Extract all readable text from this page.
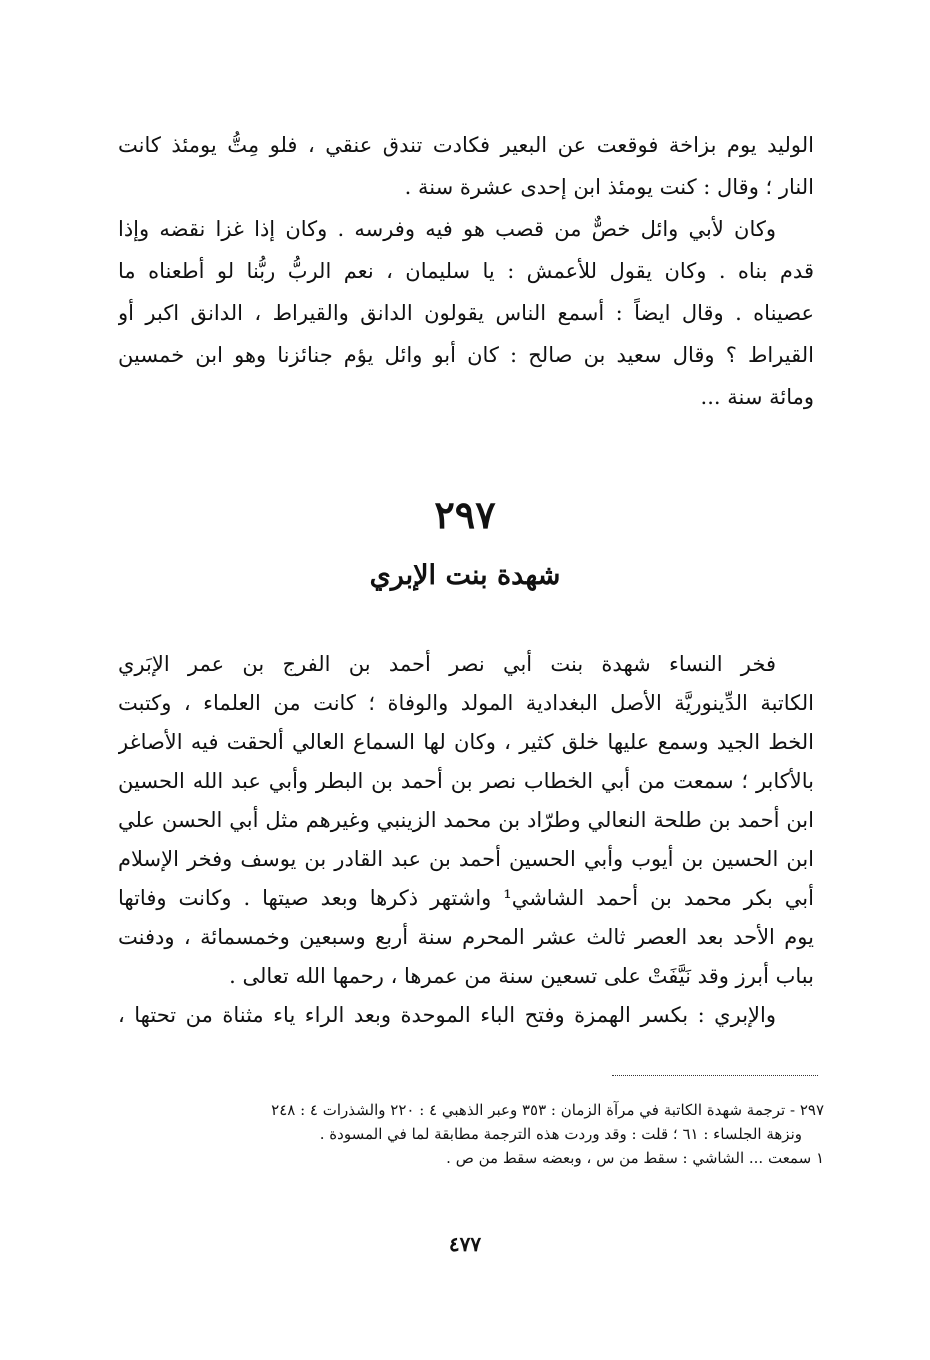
الوليد يوم بزاخة فوقعت عن البعير فكادت تندق عنقي ، فلو مِتُّ يومئذ كانت
النار ؛ وقال : كنت يومئذ ابن إحدى عشرة سنة .
وكان لأبي وائل خصٌّ من قصب هو فيه وفرسه . وكان إذا غزا نقضه وإذا
قدم بناه . وكان يقول للأعمش : يا سليمان ، نعم الربُّ ربُّنا لو أطعناه ما
عصيناه . وقال ايضاً : أسمع الناس يقولون الدانق والقيراط ، الدانق اكبر أو
القيراط ؟ وقال سعيد بن صالح : كان أبو وائل يؤم جنائزنا وهو ابن خمسين
ومائة سنة ...
٢٩٧
شهدة بنت الإبري
فخر النساء شهدة بنت أبي نصر أحمد بن الفرج بن عمر الإبَري
الكاتبة الدِّينوريَّة الأصل البغدادية المولد والوفاة ؛ كانت من العلماء ، وكتبت
الخط الجيد وسمع عليها خلق كثير ، وكان لها السماع العالي ألحقت فيه الأصاغر
بالأكابر ؛ سمعت من أبي الخطاب نصر بن أحمد بن البطر وأبي عبد الله الحسين
ابن أحمد بن طلحة النعالي وطرّاد بن محمد الزينبي وغيرهم مثل أبي الحسن علي
ابن الحسين بن أيوب وأبي الحسين أحمد بن عبد القادر بن يوسف وفخر الإسلام
أبي بكر محمد بن أحمد الشاشي¹ واشتهر ذكرها وبعد صيتها . وكانت وفاتها
يوم الأحد بعد العصر ثالث عشر المحرم سنة أربع وسبعين وخمسمائة ، ودفنت
بباب أبرز وقد نَيَّفَتْ على تسعين سنة من عمرها ، رحمها الله تعالى .
والإبري : بكسر الهمزة وفتح الباء الموحدة وبعد الراء ياء مثناة من تحتها ،
٢٩٧ - ترجمة شهدة الكاتبة في مرآة الزمان : ٣٥٣ وعبر الذهبي ٤ : ٢٢٠ والشذرات ٤ : ٢٤٨
ونزهة الجلساء : ٦١ ؛ قلت : وقد وردت هذه الترجمة مطابقة لما في المسودة .
١ سمعت ... الشاشي : سقط من س ، وبعضه سقط من ص .
٤٧٧
